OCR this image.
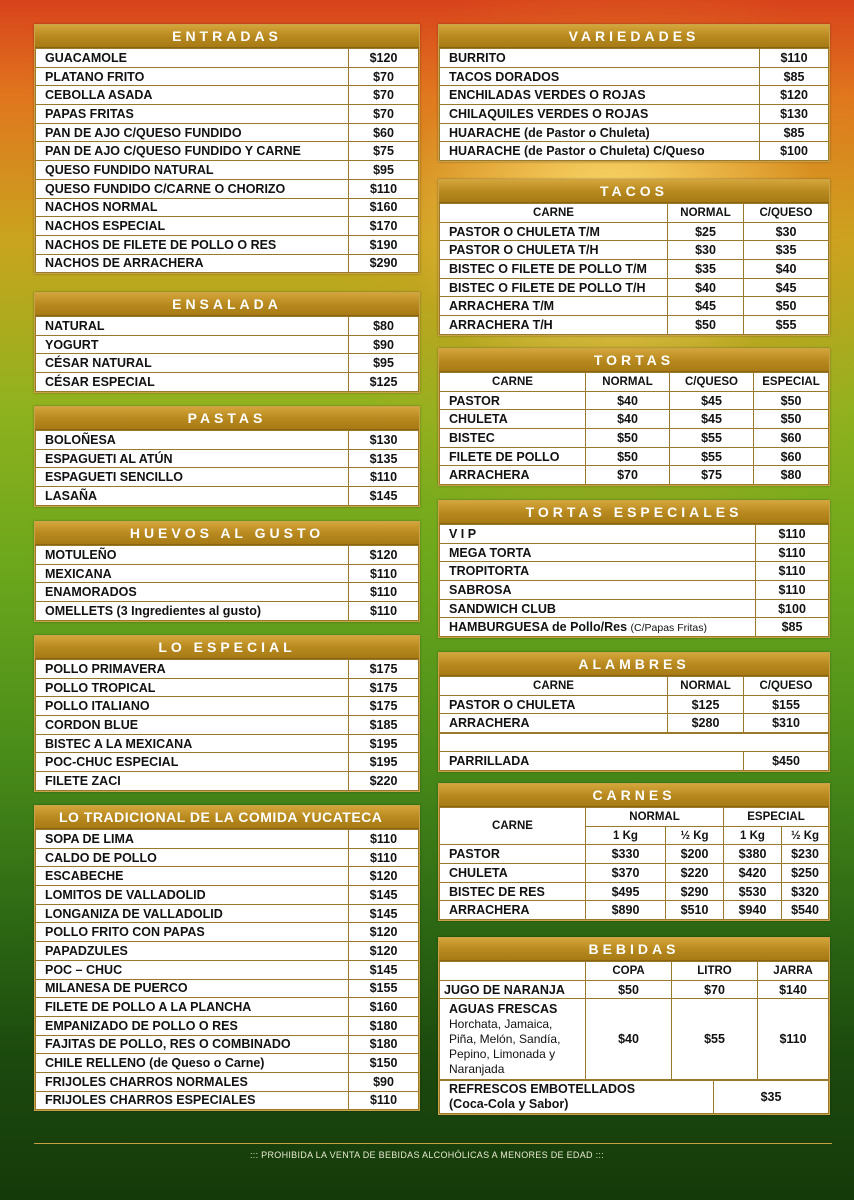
ENTRADAS
GUACAMOLE	$120
PLATANO FRITO	$70
CEBOLLA ASADA	$70
PAPAS FRITAS	$70
PAN DE AJO C/QUESO FUNDIDO	$60
PAN DE AJO C/QUESO FUNDIDO Y CARNE	$75
QUESO FUNDIDO NATURAL	$95
QUESO FUNDIDO C/CARNE O CHORIZO	$110
NACHOS NORMAL	$160
NACHOS ESPECIAL	$170
NACHOS DE FILETE DE POLLO O RES	$190
NACHOS DE ARRACHERA	$290
ENSALADA
NATURAL	$80
YOGURT	$90
CÉSAR NATURAL	$95
CÉSAR ESPECIAL	$125
PASTAS
BOLOÑESA	$130
ESPAGUETI AL ATÚN	$135
ESPAGUETI SENCILLO	$110
LASAÑA	$145
HUEVOS AL GUSTO
MOTULEÑO	$120
MEXICANA	$110
ENAMORADOS	$110
OMELLETS (3 Ingredientes al gusto)	$110
LO ESPECIAL
POLLO PRIMAVERA	$175
POLLO TROPICAL	$175
POLLO ITALIANO	$175
CORDON BLUE	$185
BISTEC A LA MEXICANA	$195
POC-CHUC ESPECIAL	$195
FILETE ZACI	$220
LO TRADICIONAL DE LA COMIDA YUCATECA
SOPA DE LIMA	$110
CALDO DE POLLO	$110
ESCABECHE	$120
LOMITOS DE VALLADOLID	$145
LONGANIZA DE VALLADOLID	$145
POLLO FRITO CON PAPAS	$120
PAPADZULES	$120
POC – CHUC	$145
MILANESA DE PUERCO	$155
FILETE DE POLLO A LA PLANCHA	$160
EMPANIZADO DE POLLO O RES	$180
FAJITAS DE POLLO, RES O COMBINADO	$180
CHILE RELLENO (de Queso o Carne)	$150
FRIJOLES CHARROS NORMALES	$90
FRIJOLES CHARROS ESPECIALES	$110
VARIEDADES
BURRITO	$110
TACOS DORADOS	$85
ENCHILADAS VERDES O ROJAS	$120
CHILAQUILES VERDES O ROJAS	$130
HUARACHE (de Pastor o Chuleta)	$85
HUARACHE (de Pastor o Chuleta) C/Queso	$100
TACOS
CARNE	NORMAL	C/QUESO
PASTOR O CHULETA T/M	$25	$30
PASTOR O CHULETA T/H	$30	$35
BISTEC O FILETE DE POLLO T/M	$35	$40
BISTEC O FILETE DE POLLO T/H	$40	$45
ARRACHERA T/M	$45	$50
ARRACHERA T/H	$50	$55
TORTAS
CARNE	NORMAL	C/QUESO	ESPECIAL
PASTOR	$40	$45	$50
CHULETA	$40	$45	$50
BISTEC	$50	$55	$60
FILETE DE POLLO	$50	$55	$60
ARRACHERA	$70	$75	$80
TORTAS ESPECIALES
V I P	$110
MEGA TORTA	$110
TROPITORTA	$110
SABROSA	$110
SANDWICH CLUB	$100
HAMBURGUESA de Pollo/Res (C/Papas Fritas)	$85
ALAMBRES
CARNE	NORMAL	C/QUESO
PASTOR O CHULETA	$125	$155
ARRACHERA	$280	$310

PARRILLADA	$450
CARNES
CARNE	NORMAL		ESPECIAL	
	1 Kg	½ Kg	1 Kg	½ Kg
PASTOR	$330	$200	$380	$230
CHULETA	$370	$220	$420	$250
BISTEC DE RES	$495	$290	$530	$320
ARRACHERA	$890	$510	$940	$540
BEBIDAS
	COPA	LITRO	JARRA
JUGO DE NARANJA	$50	$70	$140

AGUAS FRESCAS
Horchata, Jamaica,
Piña, Melón, Sandía,
Pepino, Limonada y
Naranjada	$40	$55	$110
REFRESCOS EMBOTELLADOS
(Coca-Cola y Sabor)	$35
::: PROHIBIDA LA VENTA DE BEBIDAS ALCOHÓLICAS A MENORES DE EDAD :::
